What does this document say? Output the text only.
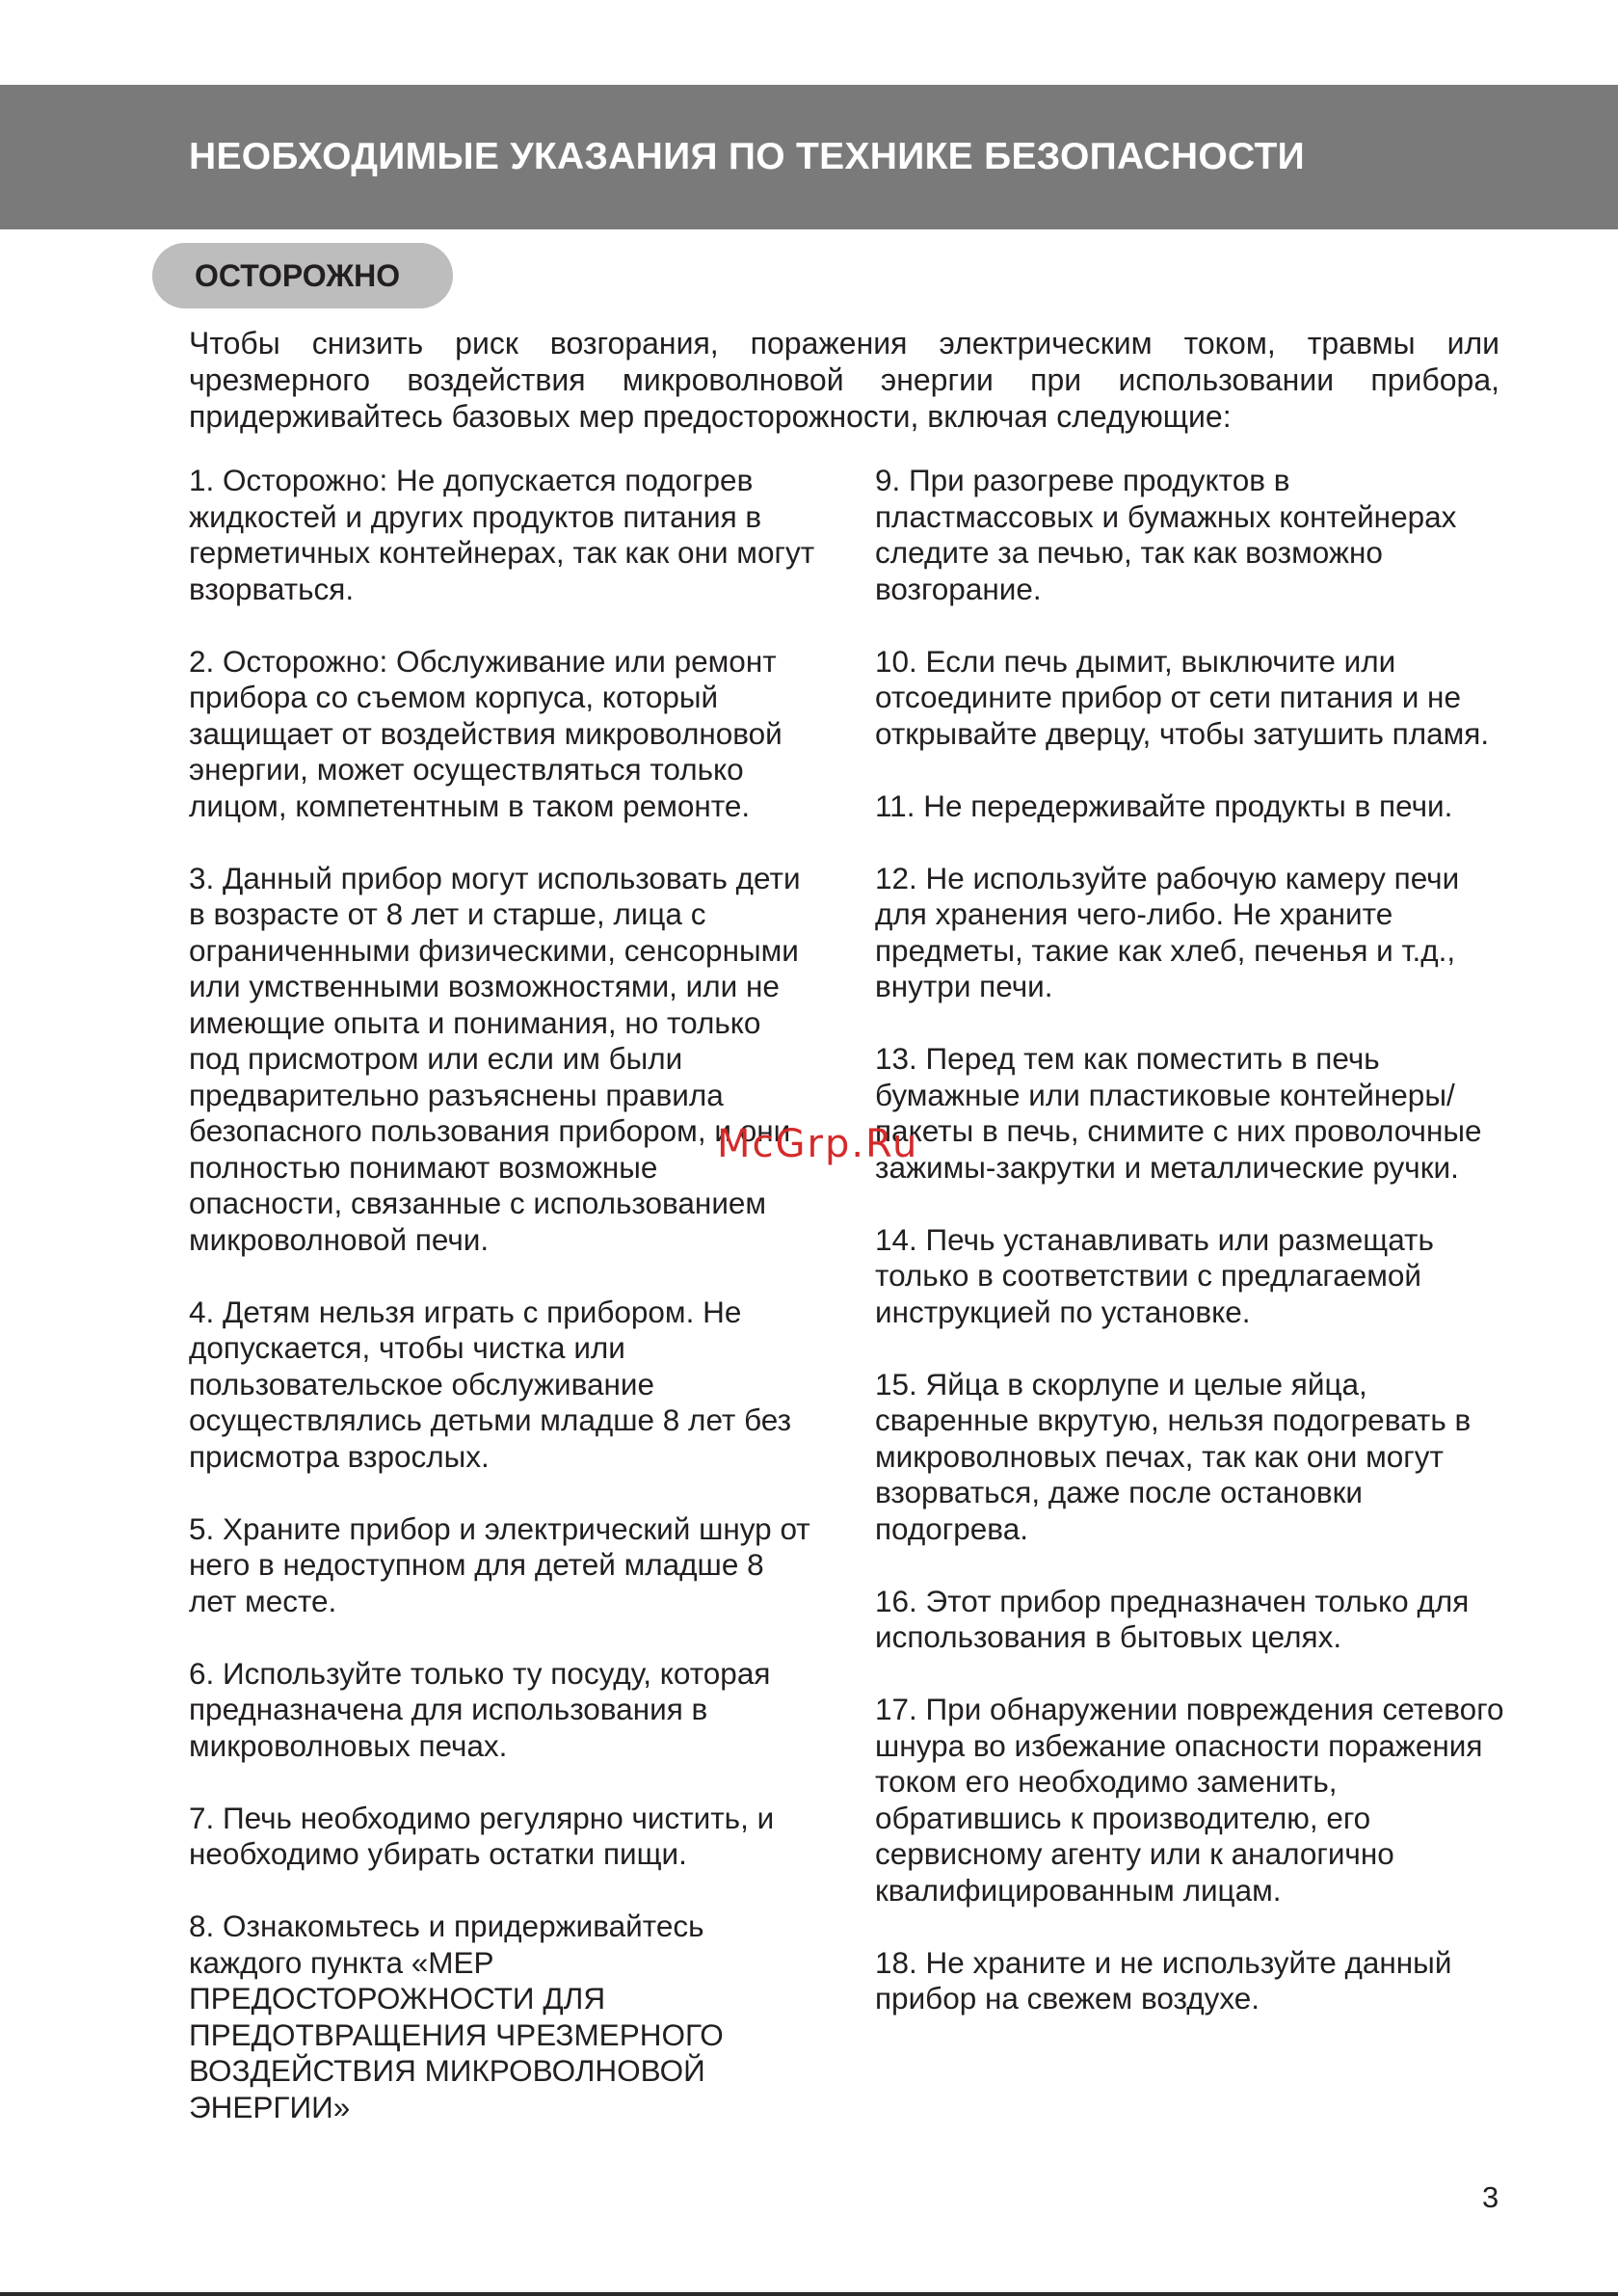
НЕОБХОДИМЫЕ УКАЗАНИЯ ПО ТЕХНИКЕ БЕЗОПАСНОСТИ
ОСТОРОЖНО

Чтобы снизить риск возгорания, поражения электрическим током, травмы или чрезмерного воздействия микроволновой энергии при использовании прибора, придерживайтесь базовых мер предосторожности, включая следующие:

1. Осторожно: Не допускается подогрев жидкостей и других продуктов питания в герметичных контейнерах, так как они могут взорваться.
2. Осторожно: Обслуживание или ремонт прибора со съемом корпуса, который защищает от воздействия микроволновой энергии, может осуществляться только лицом, компетентным в таком ремонте.
3. Данный прибор могут использовать дети в возрасте от 8 лет и старше, лица с ограниченными физическими, сенсорными или умственными возможностями, или не имеющие опыта и понимания, но только под присмотром или если им были предварительно разъяснены правила безопасного пользования прибором, и они полностью понимают возможные опасности, связанные с использованием микроволновой печи.
4. Детям нельзя играть с прибором. Не допускается, чтобы чистка или пользовательское обслуживание осуществлялись детьми младше 8 лет без присмотра взрослых.
5. Храните прибор и электрический шнур от него в недоступном для детей младше 8 лет месте.
6. Используйте только ту посуду, которая предназначена для использования в микроволновых печах.
7. Печь необходимо регулярно чистить, и необходимо убирать остатки пищи.
8. Ознакомьтесь и придерживайтесь каждого пункта «МЕР ПРЕДОСТОРОЖНОСТИ ДЛЯ ПРЕДОТВРАЩЕНИЯ ЧРЕЗМЕРНОГО ВОЗДЕЙСТВИЯ МИКРОВОЛНОВОЙ ЭНЕРГИИ»
9. При разогреве продуктов в пластмассовых и бумажных контейнерах следите за печью, так как возможно возгорание.
10. Если печь дымит, выключите или отсоедините прибор от сети питания и не открывайте дверцу, чтобы затушить пламя.
11. Не передерживайте продукты в печи.
12. Не используйте рабочую камеру печи для хранения чего-либо. Не храните предметы, такие как хлеб, печенья и т.д., внутри печи.
13. Перед тем как поместить в печь бумажные или пластиковые контейнеры/пакеты в печь, снимите с них проволочные зажимы-закрутки и металлические ручки.
14. Печь устанавливать или размещать только в соответствии с предлагаемой инструкцией по установке.
15. Яйца в скорлупе и целые яйца, сваренные вкрутую, нельзя подогревать в микроволновых печах, так как они могут взорваться, даже после остановки подогрева.
16. Этот прибор предназначен только для использования в бытовых целях.
17. При обнаружении повреждения сетевого шнура во избежание опасности поражения током его необходимо заменить, обратившись к производителю, его сервисному агенту или к аналогично квалифицированным лицам.
18. Не храните и не используйте данный прибор на свежем воздухе.
McGrp.Ru
3
